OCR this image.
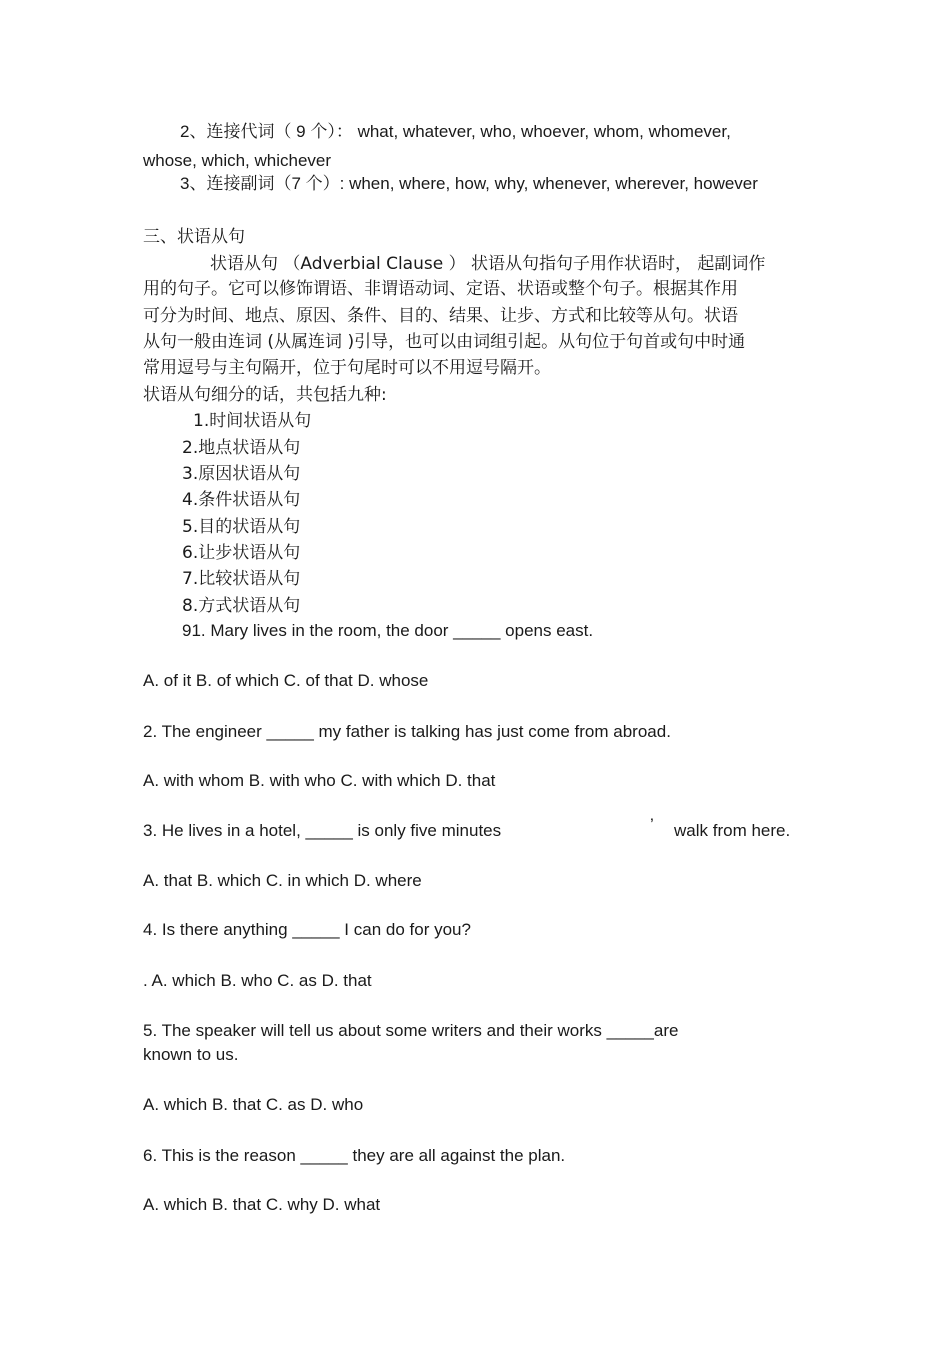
2、连接代词（ 9 个）： what, whatever, who, whoever, whom, whomever,
whose, which, whichever
3、连接副词（7 个）: when, where, how, why, whenever, wherever, however
三、状语从句
状语从句 （Adverbial Clause ） 状语从句指句子用作状语时， 起副词作
用的句子。它可以修饰谓语、非谓语动词、定语、状语或整个句子。根据其作用
可分为时间、地点、原因、条件、目的、结果、让步、方式和比较等从句。状语
从句一般由连词 (从属连词 )引导，也可以由词组引起。从句位于句首或句中时通
常用逗号与主句隔开，位于句尾时可以不用逗号隔开。
状语从句细分的话，共包括九种:
1.时间状语从句
2.地点状语从句
3.原因状语从句
4.条件状语从句
5.目的状语从句
6.让步状语从句
7.比较状语从句
8.方式状语从句
91. Mary lives in the room, the door _____ opens east.
A. of it B. of which C. of that D. whose
2. The engineer _____ my father is talking has just come from abroad.
A. with whom B. with who C. with which D. that
3. He lives in a hotel, _____ is only five minutes	’ walk from here.
A. that B. which C. in which D. where
4. Is there anything _____ I can do for you?
. A. which B. who C. as D. that
5. The speaker will tell us about some writers and their works _____are
known to us.
A. which B. that C. as D. who
6. This is the reason _____ they are all against the plan.
A. which B. that C. why D. what
